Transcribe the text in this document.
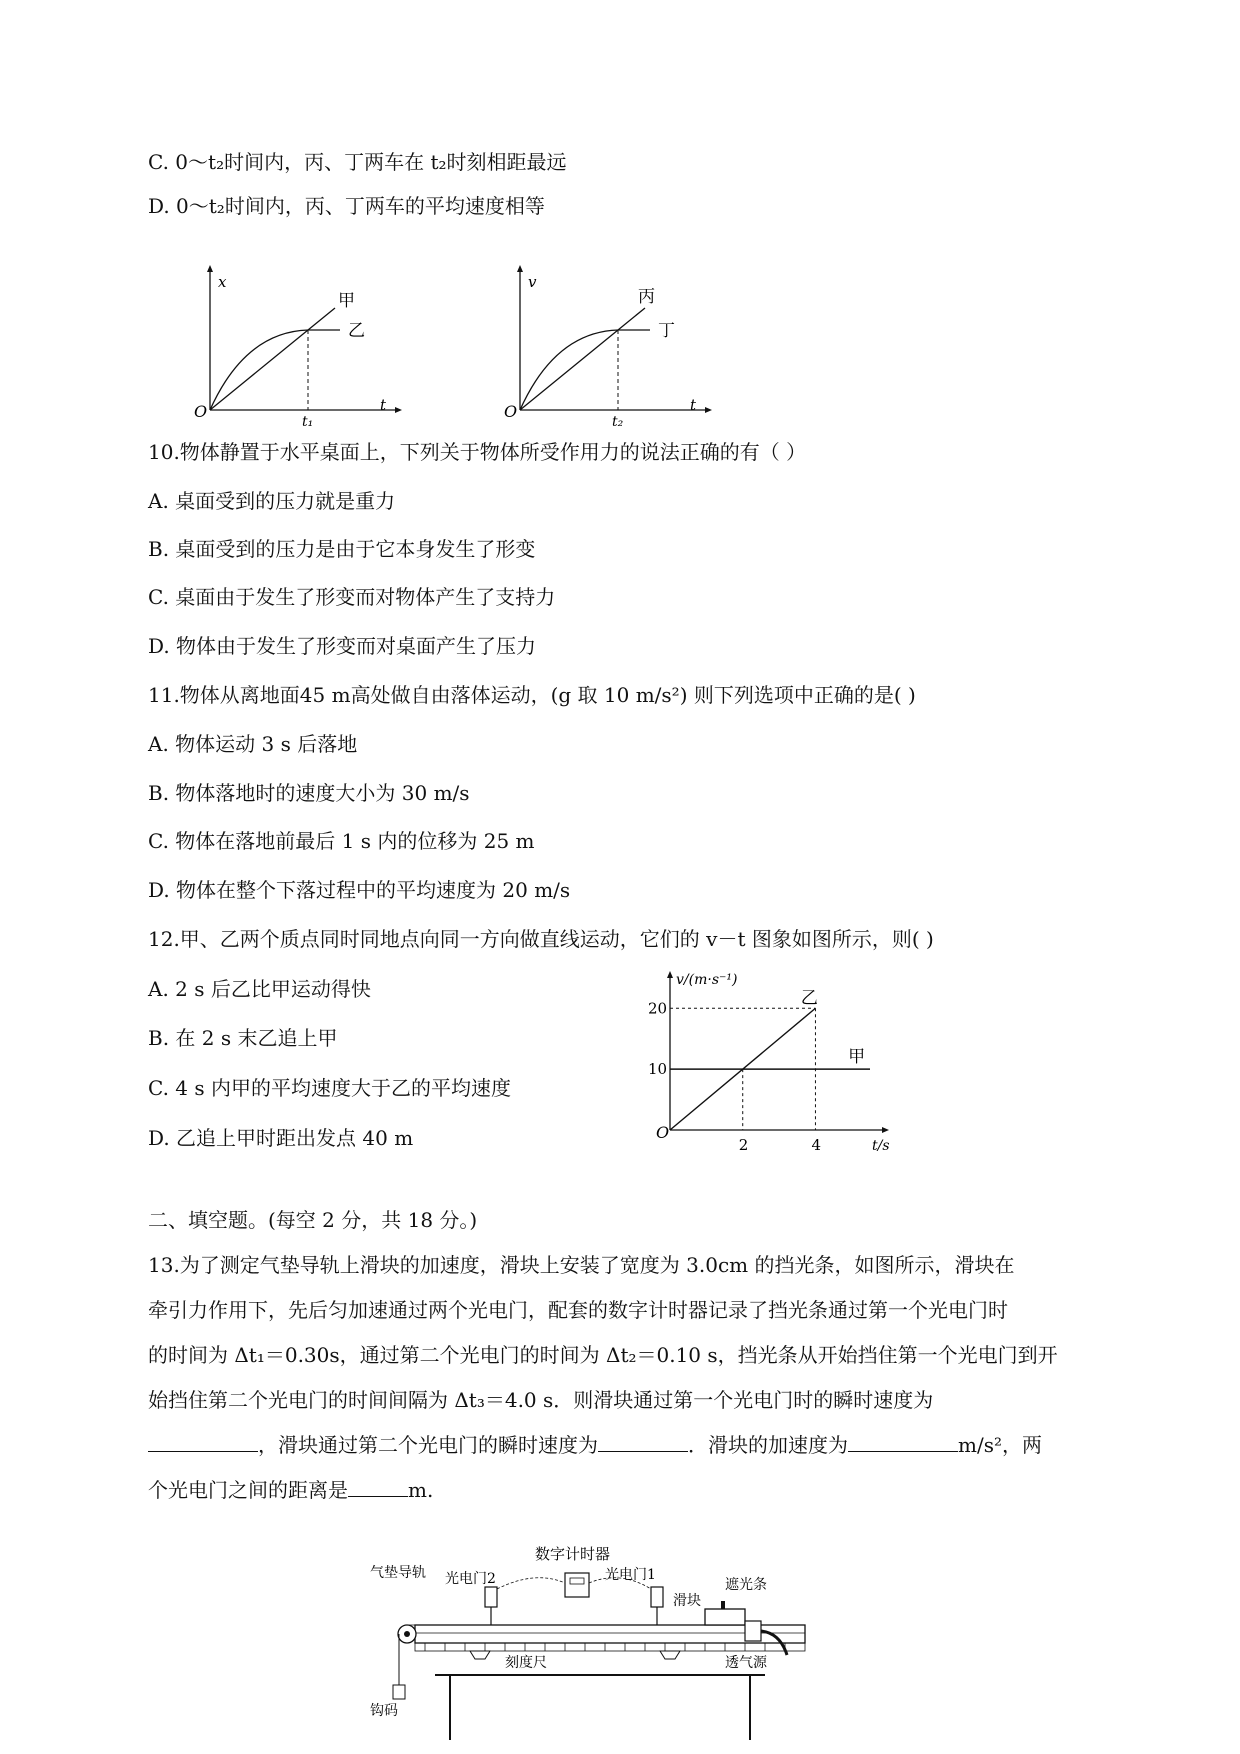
C. 0～t₂时间内，丙、丁两车在 t₂时刻相距最远
D. 0～t₂时间内，丙、丁两车的平均速度相等
x
t
O
t₁
甲
乙
v
t
O
t₂
丙
丁
10.物体静置于水平桌面上，下列关于物体所受作用力的说法正确的有（ ）
A. 桌面受到的压力就是重力
B. 桌面受到的压力是由于它本身发生了形变
C. 桌面由于发生了形变而对物体产生了支持力
D. 物体由于发生了形变而对桌面产生了压力
11.物体从离地面45 m高处做自由落体运动，(g 取 10 m/s²) 则下列选项中正确的是( )
A. 物体运动 3 s 后落地
B. 物体落地时的速度大小为 30 m/s
C. 物体在落地前最后 1 s 内的位移为 25 m
D. 物体在整个下落过程中的平均速度为 20 m/s
12.甲、乙两个质点同时同地点向同一方向做直线运动，它们的 v－t 图象如图所示，则( )
A. 2 s 后乙比甲运动得快
B. 在 2 s 末乙追上甲
C. 4 s 内甲的平均速度大于乙的平均速度
D. 乙追上甲时距出发点 40 m
v/(m·s⁻¹)
t/s
O
10
20
2	4
乙
甲
二、填空题。(每空 2 分，共 18 分。)
13.为了测定气垫导轨上滑块的加速度，滑块上安装了宽度为 3.0cm 的挡光条，如图所示，滑块在
牵引力作用下，先后匀加速通过两个光电门，配套的数字计时器记录了挡光条通过第一个光电门时
的时间为 Δt₁＝0.30s，通过第二个光电门的时间为 Δt₂＝0.10 s，挡光条从开始挡住第一个光电门到开
始挡住第二个光电门的时间间隔为 Δt₃＝4.0 s．则滑块通过第一个光电门时的瞬时速度为
，滑块通过第二个光电门的瞬时速度为	．滑块的加速度为	m/s²，两
个光电门之间的距离是	m.
数字计时器
气垫导轨 光电门2	光电门1
遮光条
滑块
刻度尺	透气源
钩码
